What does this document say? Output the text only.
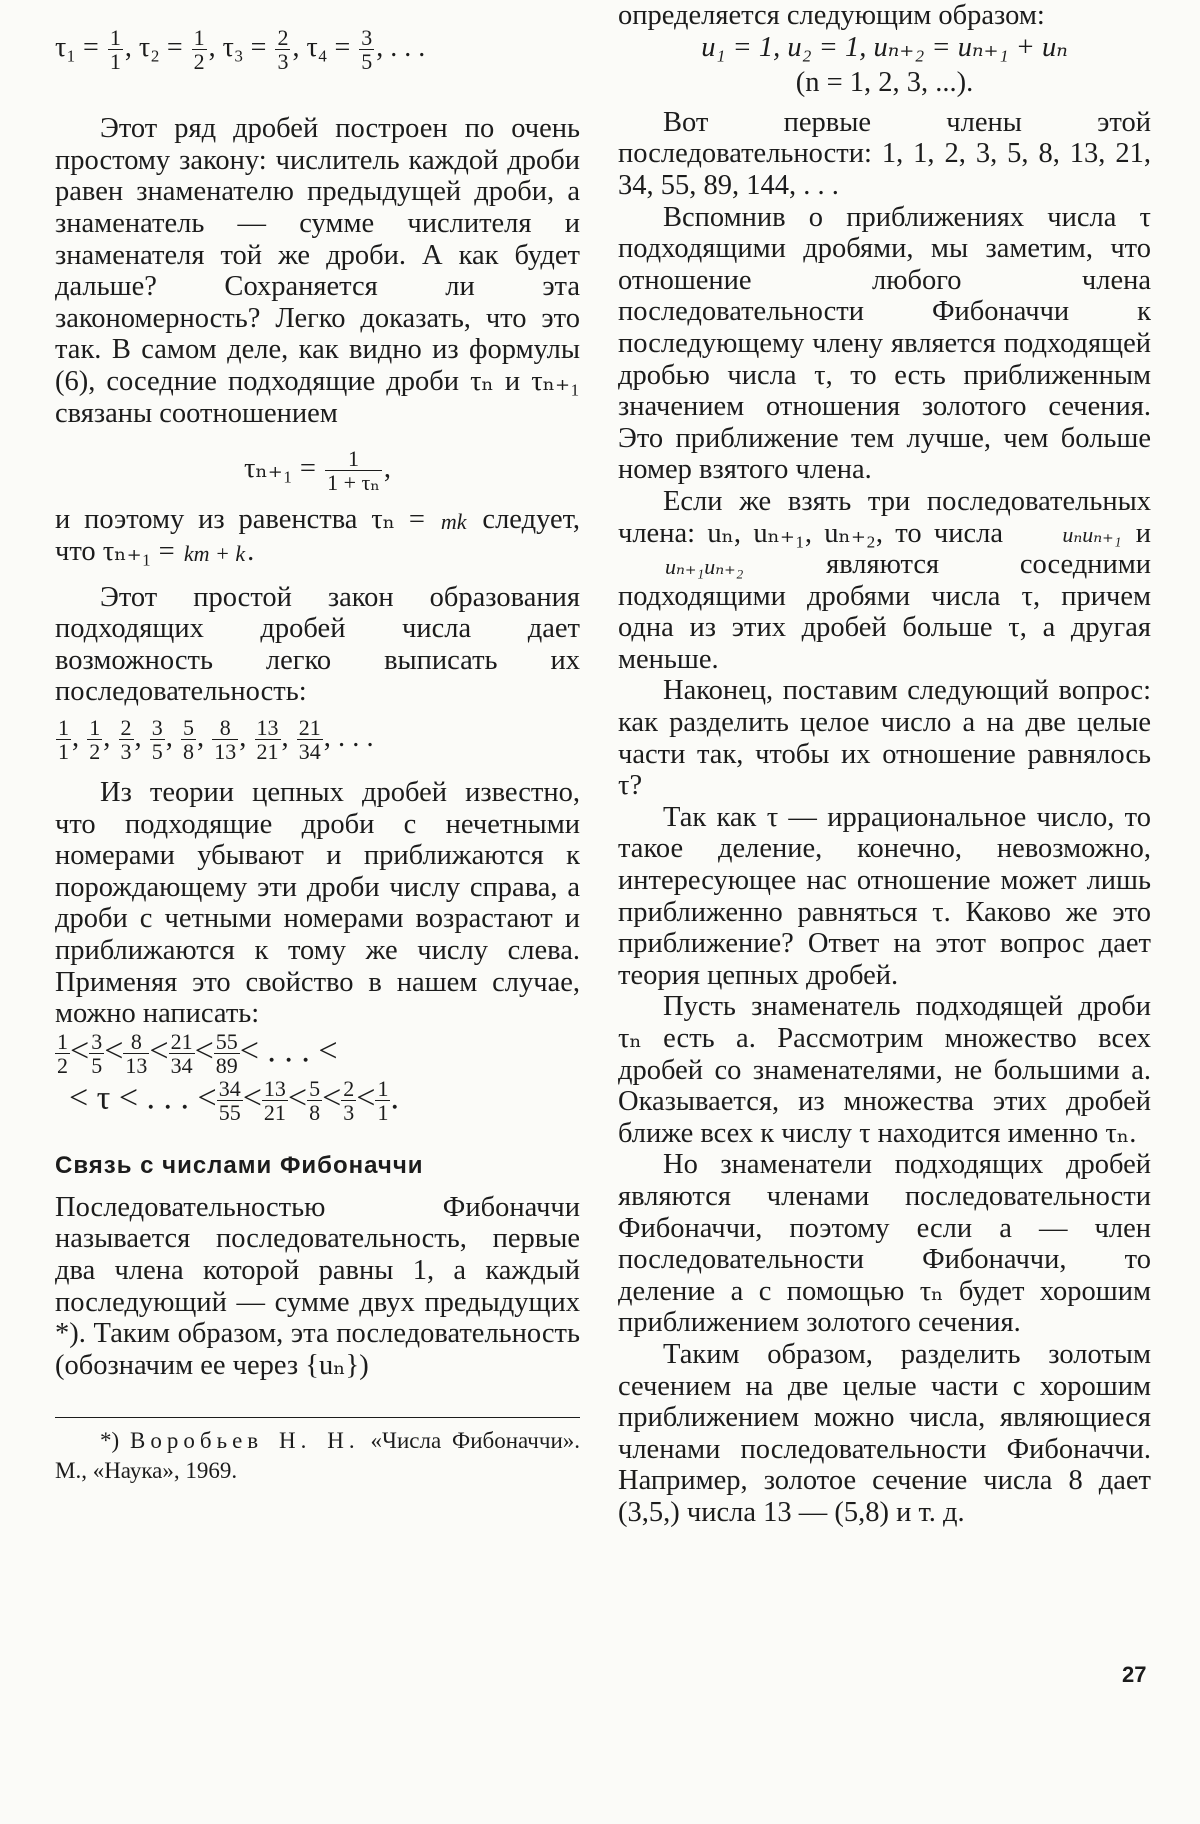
$\tau_1 = \frac{1}{1}$ , $\tau_2 = \frac{1}{2}$ , $\tau_3 = \frac{2}{3}$ , $\tau_4 = \frac{3}{5}$ , . . .

Этот ряд дробей построен по очень простому закону: числитель каждой дроби равен знаменателю предыдущей дроби, а знаменатель — сумме числителя и знаменателя той же дроби. А как будет дальше? Сохраняется ли эта закономерность? Легко доказать, что это так. В самом деле, как видно из формулы (6), соседние подходящие дроби τₙ и τₙ₊₁ связаны соотношением

$\tau_{n+1} = \frac{1}{\text{1 + τₙ}}$ ,

и поэтому из равенства τₙ = mk следует, что τₙ₊₁ = km + k.

Этот простой закон образования подходящих дробей числа дает возможность легко выписать их последовательность:

$\frac{1}{1}$ , $\frac{1}{2}$ , $\frac{2}{3}$ , $\frac{3}{5}$ , $\frac{5}{8}$ , $\frac{8}{13}$ , $\frac{13}{21}$ , $\frac{21}{34}$ , . . .

Из теории цепных дробей известно, что подходящие дроби с нечетными номерами убывают и приближаются к порождающему эти дроби числу справа, а дроби с четными номерами возрастают и приближаются к тому же числу слева. Применяя это свойство в нашем случае, можно написать:

$\frac{1}{2} < \frac{3}{5} < \frac{8}{13} < \frac{21}{34} < \frac{55}{89}$ < . . . <
< τ < . . . < $\frac{34}{55} < \frac{13}{21} < \frac{5}{8} < \frac{2}{3} < \frac{1}{1}$ .
Связь с числами Фибоначчи

Последовательностью Фибоначчи называется последовательность, первые два члена которой равны 1, а каждый последующий — сумме двух предыдущих *). Таким образом, эта последовательность (обозначим ее через {uₙ})

*) Воробьев Н. Н. «Числа Фибоначчи». М., «Наука», 1969.

определяется следующим образом:

u₁ = 1, u₂ = 1, uₙ₊₂ = uₙ₊₁ + uₙ

(n = 1, 2, 3, ...).

Вот первые члены этой последовательности: 1, 1, 2, 3, 5, 8, 13, 21, 34, 55, 89, 144, . . .

Вспомнив о приближениях числа τ подходящими дробями, мы заметим, что отношение любого члена последовательности Фибоначчи к последующему члену является подходящей дробью числа τ, то есть приближенным значением отношения золотого сечения. Это приближение тем лучше, чем больше номер взятого члена.

Если же взять три последовательных члена: uₙ, uₙ₊₁, uₙ₊₂, то числа	uₙuₙ₊₁ и uₙ₊₁uₙ₊₂	являются соседними подходящими дробями числа τ, причем одна из этих дробей больше τ, а другая меньше.

Наконец, поставим следующий вопрос: как разделить целое число a на две целые части так, чтобы их отношение равнялось τ?

Так как τ — иррациональное число, то такое деление, конечно, невозможно, интересующее нас отношение может лишь приближенно равняться τ. Каково же это приближение? Ответ на этот вопрос дает теория цепных дробей.

Пусть знаменатель подходящей дроби τₙ есть a. Рассмотрим множество всех дробей со знаменателями, не большими a. Оказывается, из множества этих дробей ближе всех к числу τ находится именно τₙ.

Но знаменатели подходящих дробей являются членами последовательности Фибоначчи, поэтому если a — член последовательности Фибоначчи, то деление a с помощью τₙ будет хорошим приближением золотого сечения.

Таким образом, разделить золотым сечением на две целые части с хорошим приближением можно числа, являющиеся членами последовательности Фибоначчи. Например, золотое сечение числа 8 дает (3,5,) числа 13 — (5,8) и т. д.

27
